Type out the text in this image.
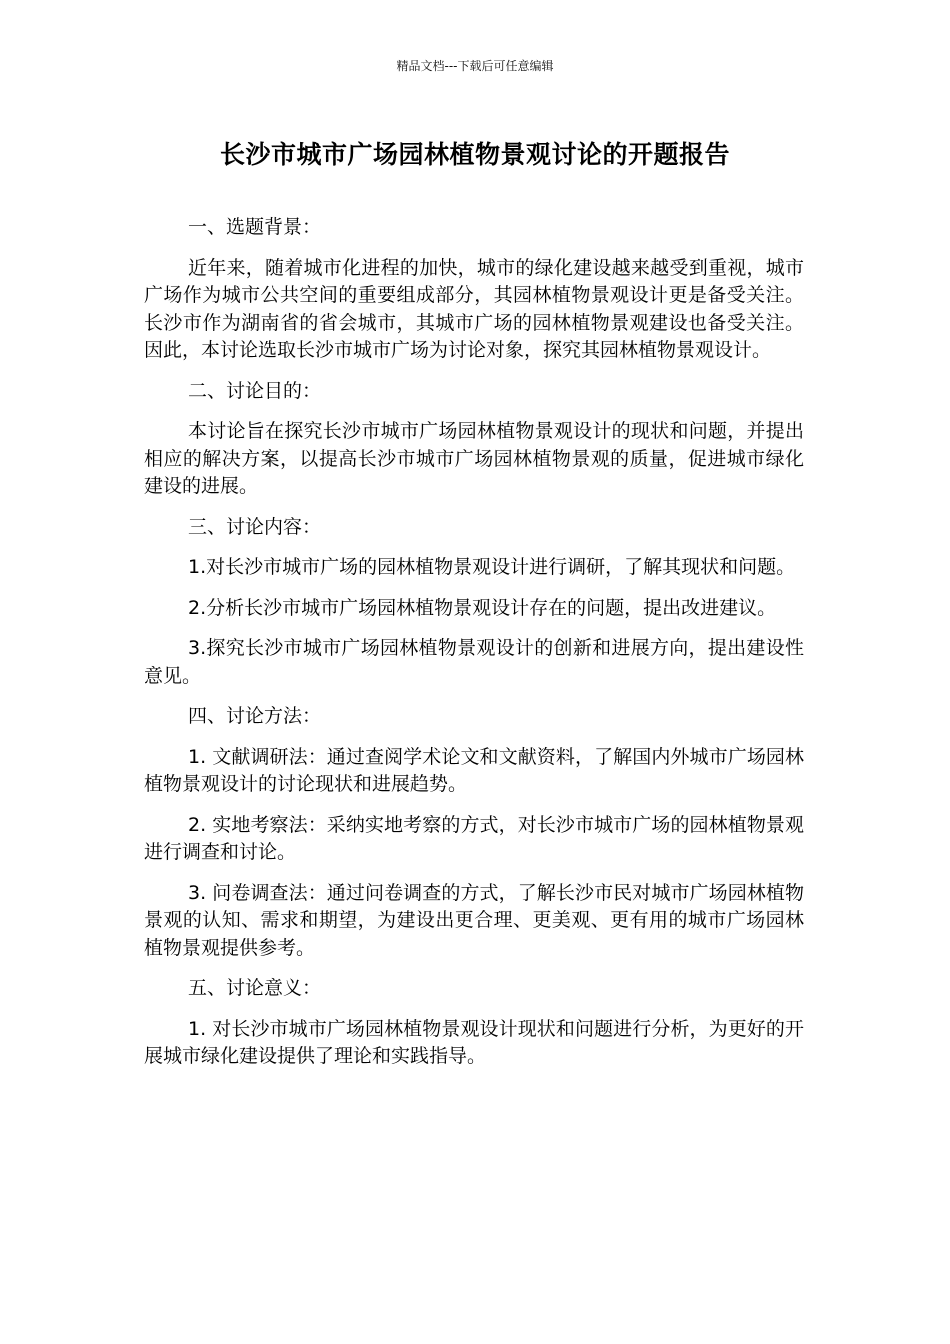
精品文档---下载后可任意编辑
长沙市城市广场园林植物景观讨论的开题报告

一、选题背景：

近年来，随着城市化进程的加快，城市的绿化建设越来越受到重视，城市广场作为城市公共空间的重要组成部分，其园林植物景观设计更是备受关注。长沙市作为湖南省的省会城市，其城市广场的园林植物景观建设也备受关注。因此，本讨论选取长沙市城市广场为讨论对象，探究其园林植物景观设计。

二、讨论目的：

本讨论旨在探究长沙市城市广场园林植物景观设计的现状和问题，并提出相应的解决方案，以提高长沙市城市广场园林植物景观的质量，促进城市绿化建设的进展。

三、讨论内容：

1.对长沙市城市广场的园林植物景观设计进行调研，了解其现状和问题。

2.分析长沙市城市广场园林植物景观设计存在的问题，提出改进建议。

3.探究长沙市城市广场园林植物景观设计的创新和进展方向，提出建设性意见。

四、讨论方法：

1. 文献调研法：通过查阅学术论文和文献资料，了解国内外城市广场园林植物景观设计的讨论现状和进展趋势。

2. 实地考察法：采纳实地考察的方式，对长沙市城市广场的园林植物景观进行调查和讨论。

3. 问卷调查法：通过问卷调查的方式，了解长沙市民对城市广场园林植物景观的认知、需求和期望，为建设出更合理、更美观、更有用的城市广场园林植物景观提供参考。

五、讨论意义：

1. 对长沙市城市广场园林植物景观设计现状和问题进行分析，为更好的开展城市绿化建设提供了理论和实践指导。
